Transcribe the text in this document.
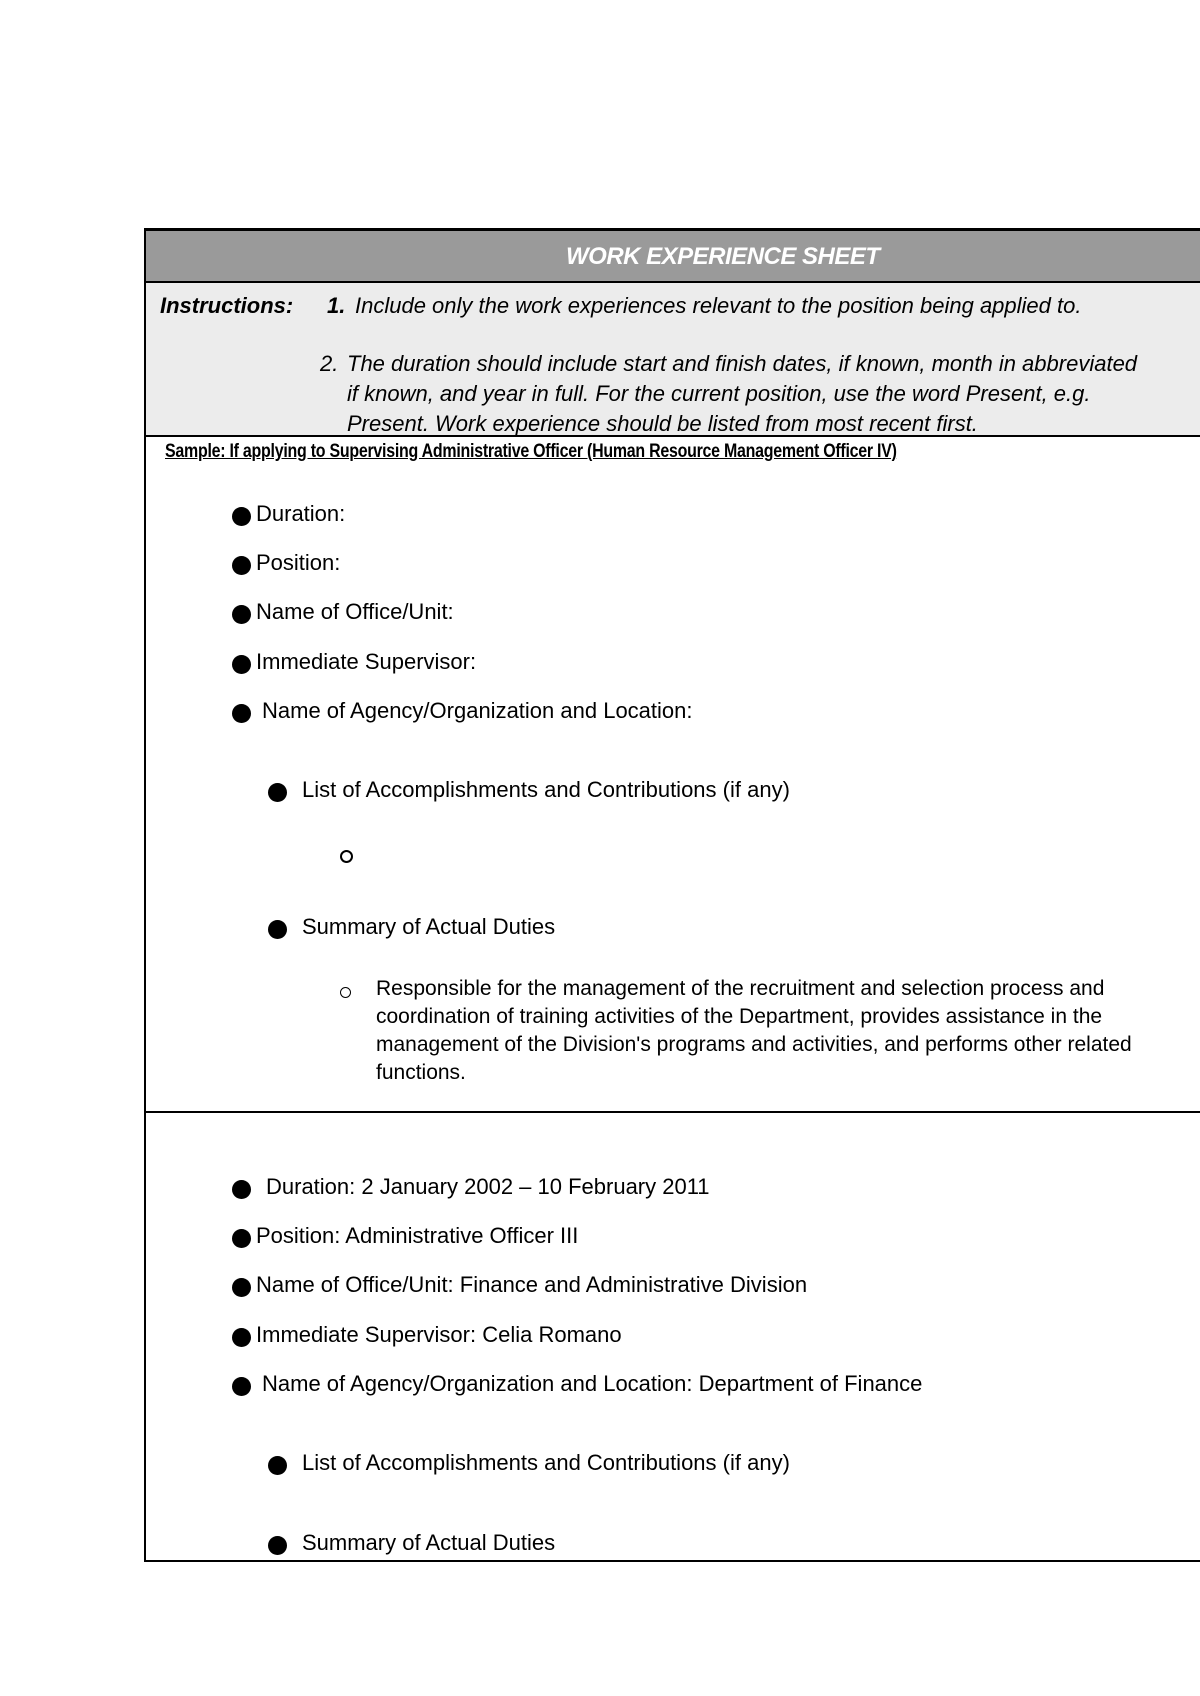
WORK EXPERIENCE SHEET
Instructions: 1. Include only the work experiences relevant to the position being applied to.
2. The duration should include start and finish dates, if known, month in abbreviated
if known, and year in full. For the current position, use the word Present, e.g.
Present. Work experience should be listed from most recent first.
Sample: If applying to Supervising Administrative Officer (Human Resource Management Officer IV)
Duration:
Position:
Name of Office/Unit:
Immediate Supervisor:
Name of Agency/Organization and Location:
List of Accomplishments and Contributions (if any)
Summary of Actual Duties
Responsible for the management of the recruitment and selection process and
coordination of training activities of the Department, provides assistance in the
management of the Division's programs and activities, and performs other related
functions.
Duration: 2 January 2002 – 10 February 2011
Position: Administrative Officer III
Name of Office/Unit: Finance and Administrative Division
Immediate Supervisor: Celia Romano
Name of Agency/Organization and Location: Department of Finance
List of Accomplishments and Contributions (if any)
Summary of Actual Duties
